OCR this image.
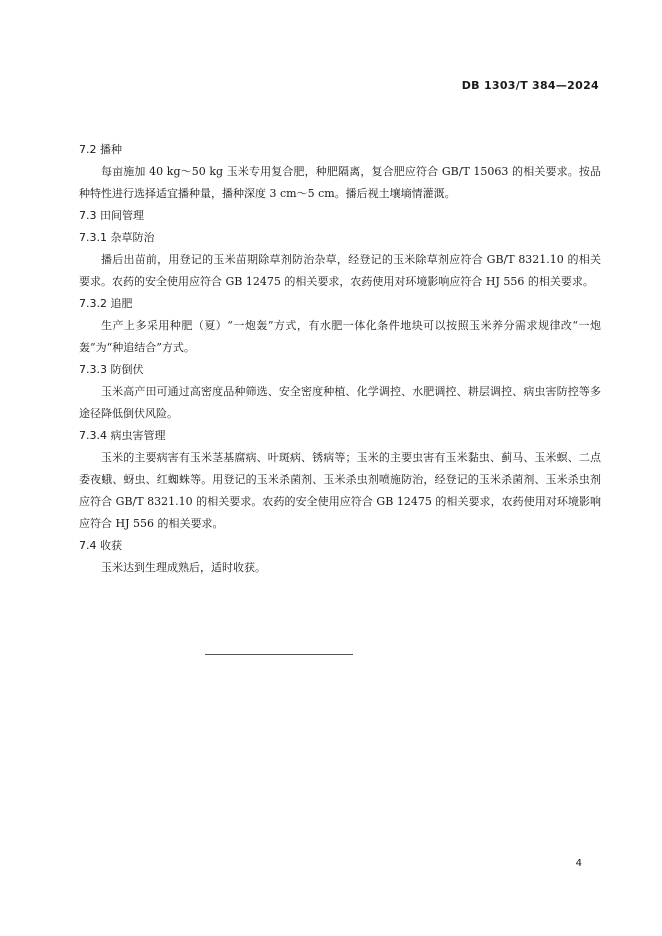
DB 1303/T 384—2024

7.2 播种

每亩施加 40 kg～50 kg 玉米专用复合肥，种肥隔离，复合肥应符合 GB/T 15063 的相关要求。按品种特性进行选择适宜播种量，播种深度 3 cm～5 cm。播后视土壤墒情灌溉。

7.3 田间管理

7.3.1 杂草防治

播后出苗前，用登记的玉米苗期除草剂防治杂草，经登记的玉米除草剂应符合 GB/T 8321.10 的相关要求。农药的安全使用应符合 GB 12475 的相关要求，农药使用对环境影响应符合 HJ 556 的相关要求。

7.3.2 追肥

生产上多采用种肥（夏）“一炮轰”方式，有水肥一体化条件地块可以按照玉米养分需求规律改“一炮轰”为“种追结合”方式。

7.3.3 防倒伏

玉米高产田可通过高密度品种筛选、安全密度种植、化学调控、水肥调控、耕层调控、病虫害防控等多途径降低倒伏风险。

7.3.4 病虫害管理

玉米的主要病害有玉米茎基腐病、叶斑病、锈病等；玉米的主要虫害有玉米黏虫、蓟马、玉米螟、二点委夜蛾、蚜虫、红蜘蛛等。用登记的玉米杀菌剂、玉米杀虫剂喷施防治，经登记的玉米杀菌剂、玉米杀虫剂应符合 GB/T 8321.10 的相关要求。农药的安全使用应符合 GB 12475 的相关要求，农药使用对环境影响应符合 HJ 556 的相关要求。

7.4 收获

玉米达到生理成熟后，适时收获。

4
